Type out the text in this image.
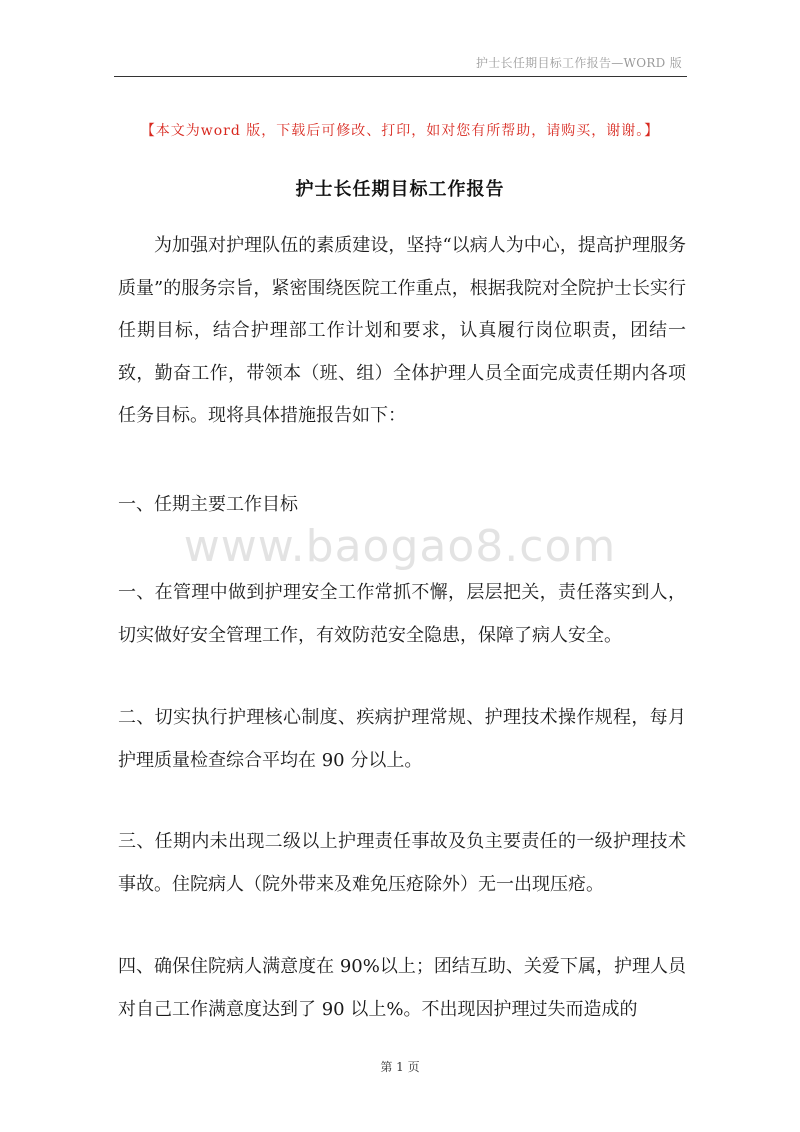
护士长任期目标工作报告—WORD 版
【本文为word 版，下载后可修改、打印，如对您有所帮助，请购买，谢谢。】
护士长任期目标工作报告

为加强对护理队伍的素质建设，坚持“以病人为中心，提高护理服务质量”的服务宗旨，紧密围绕医院工作重点，根据我院对全院护士长实行任期目标，结合护理部工作计划和要求，认真履行岗位职责，团结一致，勤奋工作，带领本（班、组）全体护理人员全面完成责任期内各项任务目标。现将具体措施报告如下：

一、任期主要工作目标

www.baogao8.com

一、在管理中做到护理安全工作常抓不懈，层层把关，责任落实到人，切实做好安全管理工作，有效防范安全隐患，保障了病人安全。

二、切实执行护理核心制度、疾病护理常规、护理技术操作规程，每月护理质量检查综合平均在 90 分以上。

三、任期内未出现二级以上护理责任事故及负主要责任的一级护理技术事故。住院病人（院外带来及难免压疮除外）无一出现压疮。

四、确保住院病人满意度在 90%以上；团结互助、关爱下属，护理人员对自己工作满意度达到了 90 以上%。不出现因护理过失而造成的

第 1 页
